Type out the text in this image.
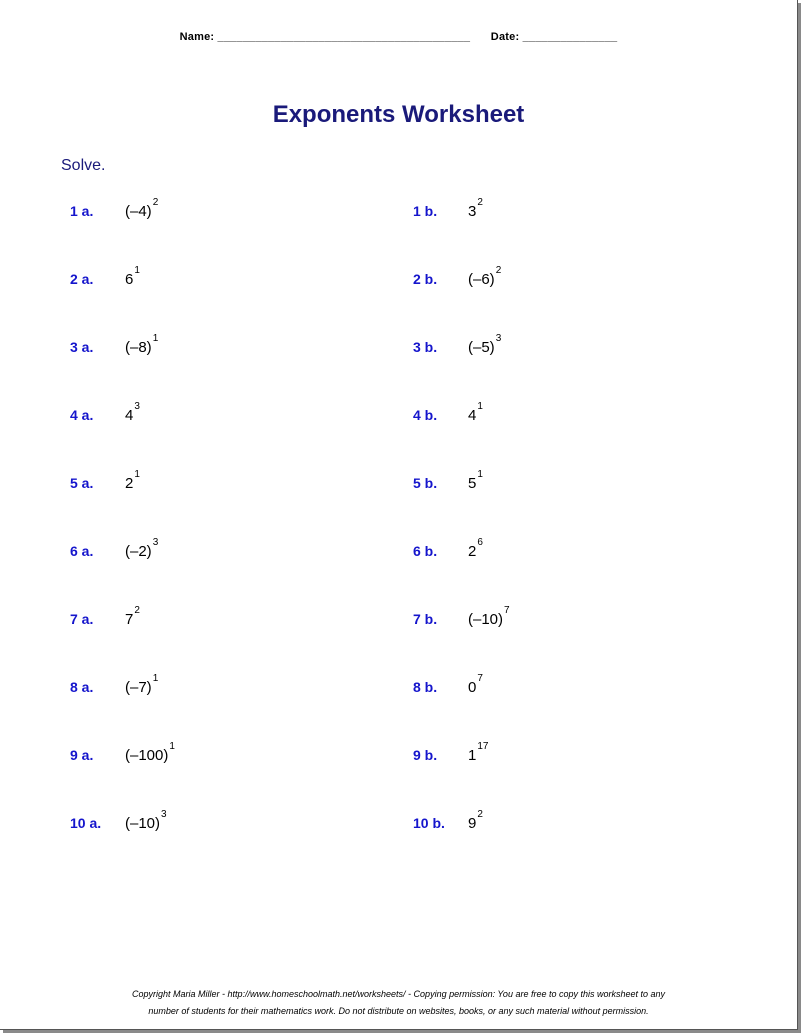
Name: ________________________________________ Date: _______________
Exponents Worksheet
Solve.
1 a. $(-4)^2$
1 b. $3^2$
2 a. $6^1$
2 b. $(-6)^2$
3 a. $(-8)^1$
3 b. $(-5)^3$
4 a. $4^3$
4 b. $4^1$
5 a. $2^1$
5 b. $5^1$
6 a. $(-2)^3$
6 b. $2^6$
7 a. $7^2$
7 b. $(-10)^7$
8 a. $(-7)^1$
8 b. $0^7$
9 a. $(-100)^1$
9 b. $1^{17}$
10 a. $(-10)^3$
10 b. $9^2$
Copyright Maria Miller - http://www.homeschoolmath.net/worksheets/ - Copying permission: You are free to copy this worksheet to any
number of students for their mathematics work. Do not distribute on websites, books, or any such material without permission.
